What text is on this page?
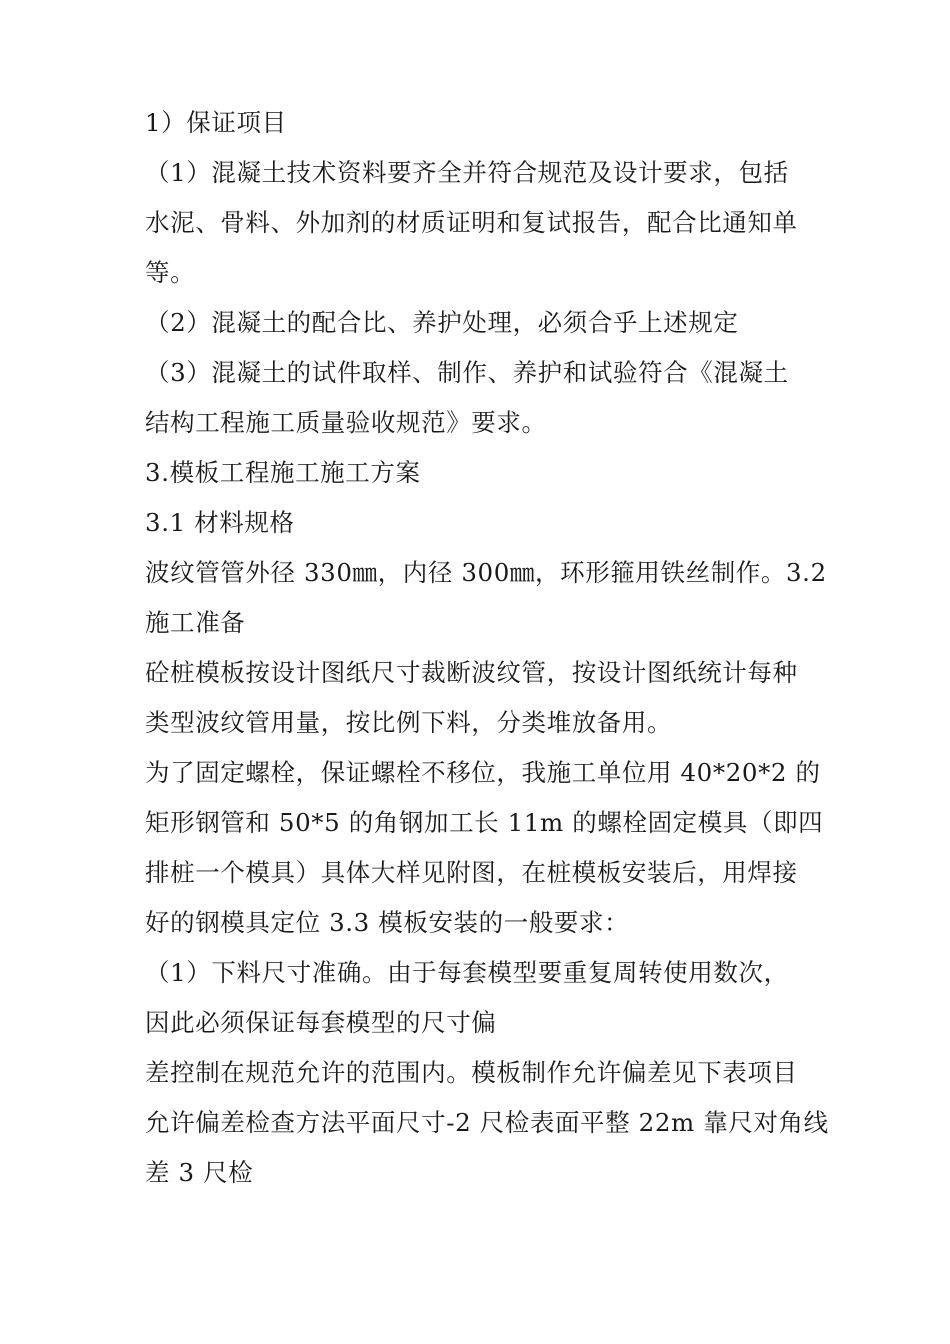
1）保证项目
（1）混凝土技术资料要齐全并符合规范及设计要求，包括
水泥、骨料、外加剂的材质证明和复试报告，配合比通知单
等。
（2）混凝土的配合比、养护处理，必须合乎上述规定
（3）混凝土的试件取样、制作、养护和试验符合《混凝土
结构工程施工质量验收规范》要求。
3.模板工程施工施工方案
3.1 材料规格
波纹管管外径 330㎜，内径 300㎜，环形箍用铁丝制作。3.2
施工准备
砼桩模板按设计图纸尺寸裁断波纹管，按设计图纸统计每种
类型波纹管用量，按比例下料，分类堆放备用。
为了固定螺栓，保证螺栓不移位，我施工单位用 40*20*2 的
矩形钢管和 50*5 的角钢加工长 11m 的螺栓固定模具（即四
排桩一个模具）具体大样见附图，在桩模板安装后，用焊接
好的钢模具定位 3.3 模板安装的一般要求：
（1）下料尺寸准确。由于每套模型要重复周转使用数次，
因此必须保证每套模型的尺寸偏
差控制在规范允许的范围内。模板制作允许偏差见下表项目
允许偏差检查方法平面尺寸-2 尺检表面平整 22m 靠尺对角线
差 3 尺检
